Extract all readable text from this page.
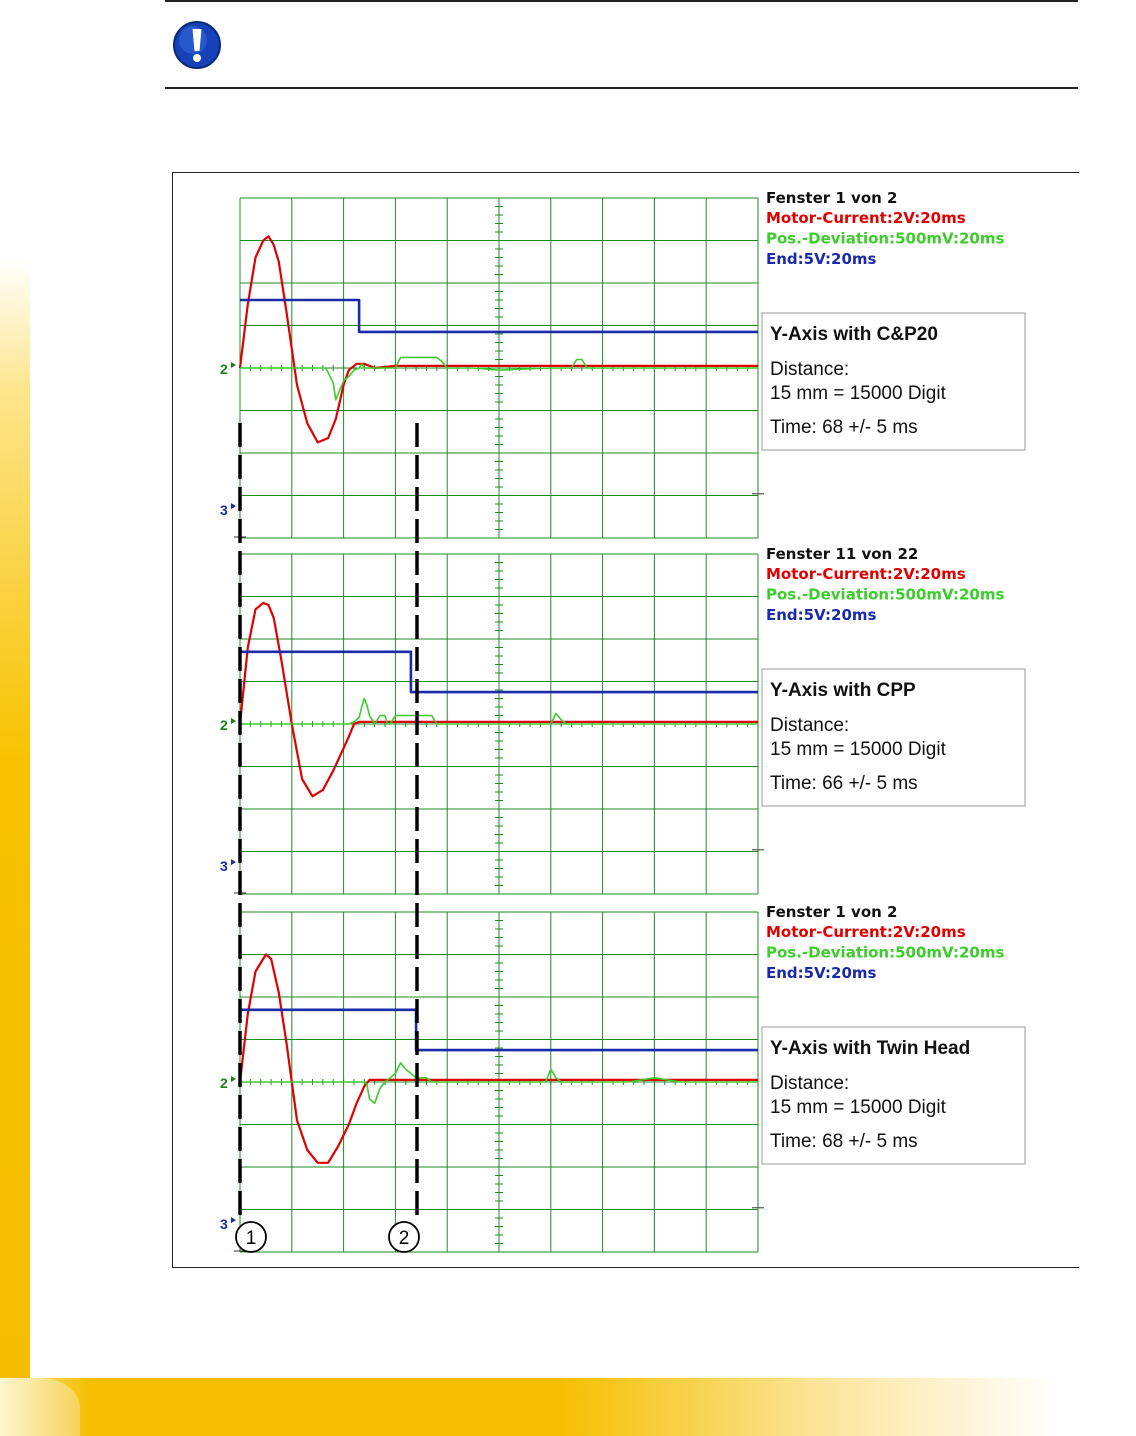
2
3
Fenster 1 von 2
Motor-Current:2V:20ms
Pos.-Deviation:500mV:20ms
End:5V:20ms
Y-Axis with C&P20
Distance:
15 mm = 15000 Digit
Time: 68 +/- 5 ms
2
3
Fenster 11 von 22
Motor-Current:2V:20ms
Pos.-Deviation:500mV:20ms
End:5V:20ms
Y-Axis with CPP
Distance:
15 mm = 15000 Digit
Time: 66 +/- 5 ms
2
3
Fenster 1 von 2
Motor-Current:2V:20ms
Pos.-Deviation:500mV:20ms
End:5V:20ms
Y-Axis with Twin Head
Distance:
15 mm = 15000 Digit
Time: 68 +/- 5 ms
1	2
